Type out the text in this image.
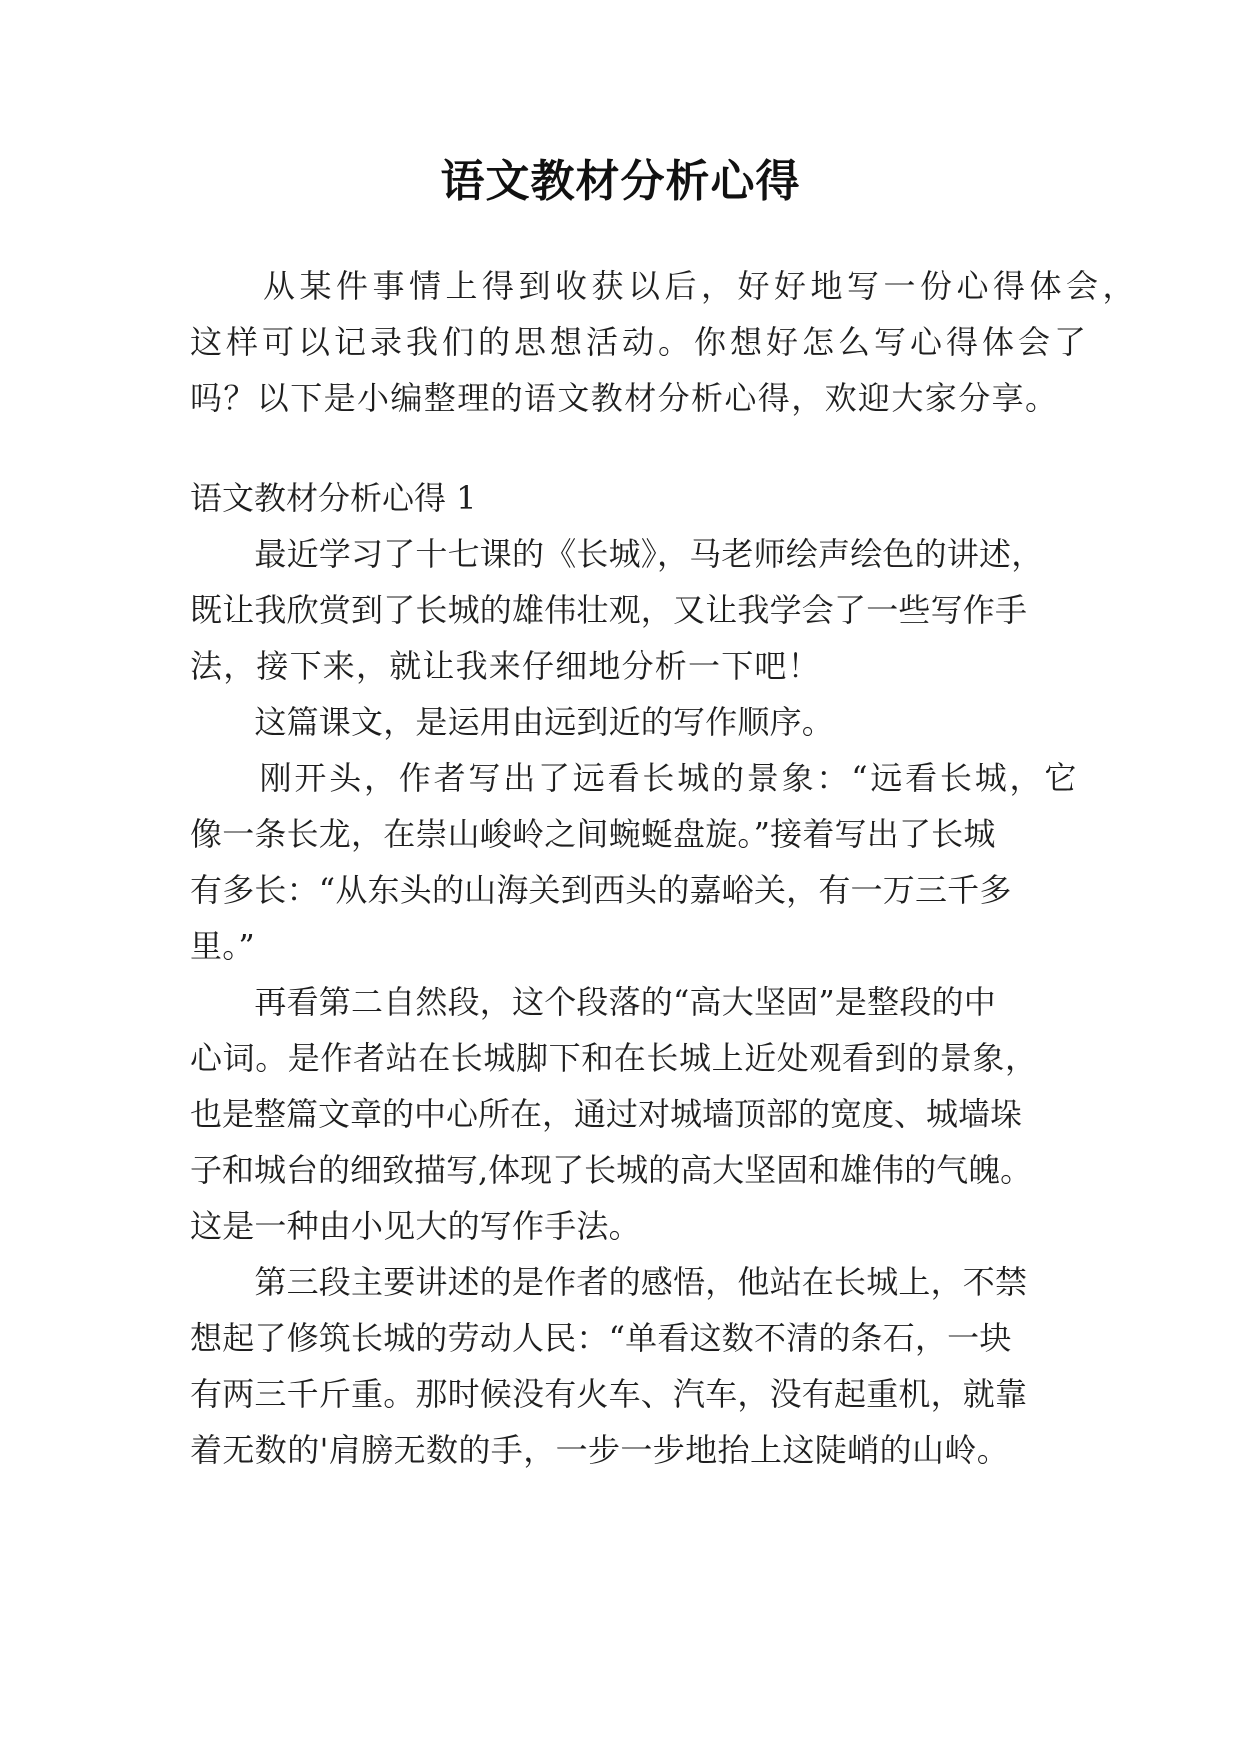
语文教材分析心得
　　从某件事情上得到收获以后，好好地写一份心得体会，
这样可以记录我们的思想活动。你想好怎么写心得体会了
吗？以下是小编整理的语文教材分析心得，欢迎大家分享。
语文教材分析心得 1
　　最近学习了十七课的《长城》，马老师绘声绘色的讲述，
既让我欣赏到了长城的雄伟壮观，又让我学会了一些写作手
法，接下来，就让我来仔细地分析一下吧！
　　这篇课文，是运用由远到近的写作顺序。
　　刚开头，作者写出了远看长城的景象：“远看长城，它
像一条长龙，在崇山峻岭之间蜿蜒盘旋。”接着写出了长城
有多长：“从东头的山海关到西头的嘉峪关，有一万三千多
里。”
　　再看第二自然段，这个段落的“高大坚固”是整段的中
心词。是作者站在长城脚下和在长城上近处观看到的景象，
也是整篇文章的中心所在，通过对城墙顶部的宽度、城墙垛
子和城台的细致描写,体现了长城的高大坚固和雄伟的气魄。
这是一种由小见大的写作手法。
　　第三段主要讲述的是作者的感悟，他站在长城上，不禁
想起了修筑长城的劳动人民：“单看这数不清的条石，一块
有两三千斤重。那时候没有火车、汽车，没有起重机，就靠
着无数的'肩膀无数的手，一步一步地抬上这陡峭的山岭。
